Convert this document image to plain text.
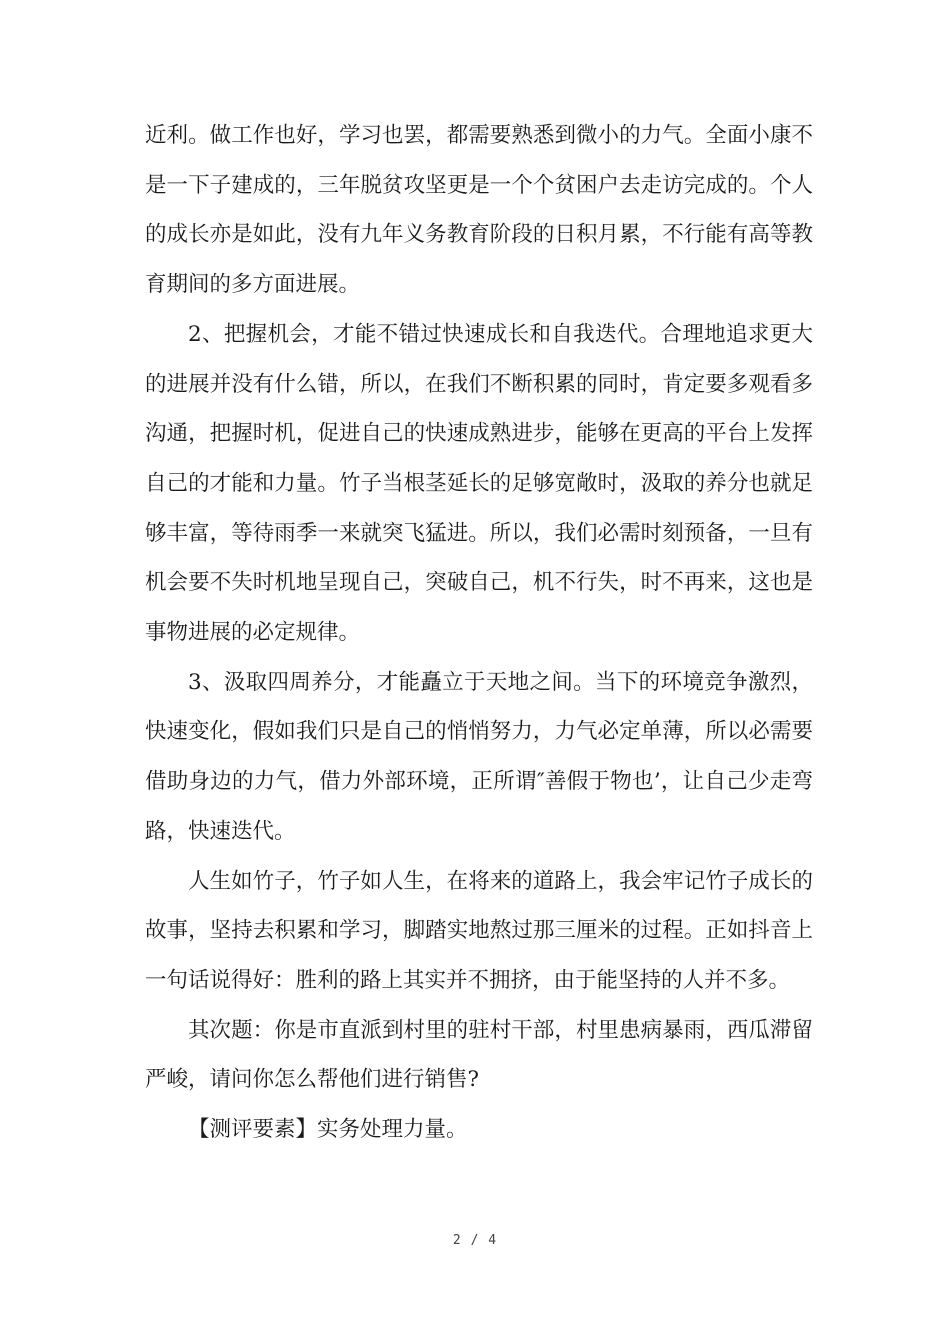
近利。做工作也好，学习也罢，都需要熟悉到微小的力气。全面小康不是一下子建成的，三年脱贫攻坚更是一个个贫困户去走访完成的。个人的成长亦是如此，没有九年义务教育阶段的日积月累，不行能有高等教育期间的多方面进展。

2、把握机会，才能不错过快速成长和自我迭代。合理地追求更大的进展并没有什么错，所以，在我们不断积累的同时，肯定要多观看多沟通，把握时机，促进自己的快速成熟进步，能够在更高的平台上发挥自己的才能和力量。竹子当根茎延长的足够宽敞时，汲取的养分也就足够丰富，等待雨季一来就突飞猛进。所以，我们必需时刻预备，一旦有机会要不失时机地呈现自己，突破自己，机不行失，时不再来，这也是事物进展的必定规律。

3、汲取四周养分，才能矗立于天地之间。当下的环境竞争激烈，快速变化，假如我们只是自己的悄悄努力，力气必定单薄，所以必需要借助身边的力气，借力外部环境，正所谓″善假于物也’，让自己少走弯路，快速迭代。

人生如竹子，竹子如人生，在将来的道路上，我会牢记竹子成长的故事，坚持去积累和学习，脚踏实地熬过那三厘米的过程。正如抖音上一句话说得好：胜利的路上其实并不拥挤，由于能坚持的人并不多。

其次题：你是市直派到村里的驻村干部，村里患病暴雨，西瓜滞留严峻，请问你怎么帮他们进行销售?

【测评要素】实务处理力量。

2 / 4
